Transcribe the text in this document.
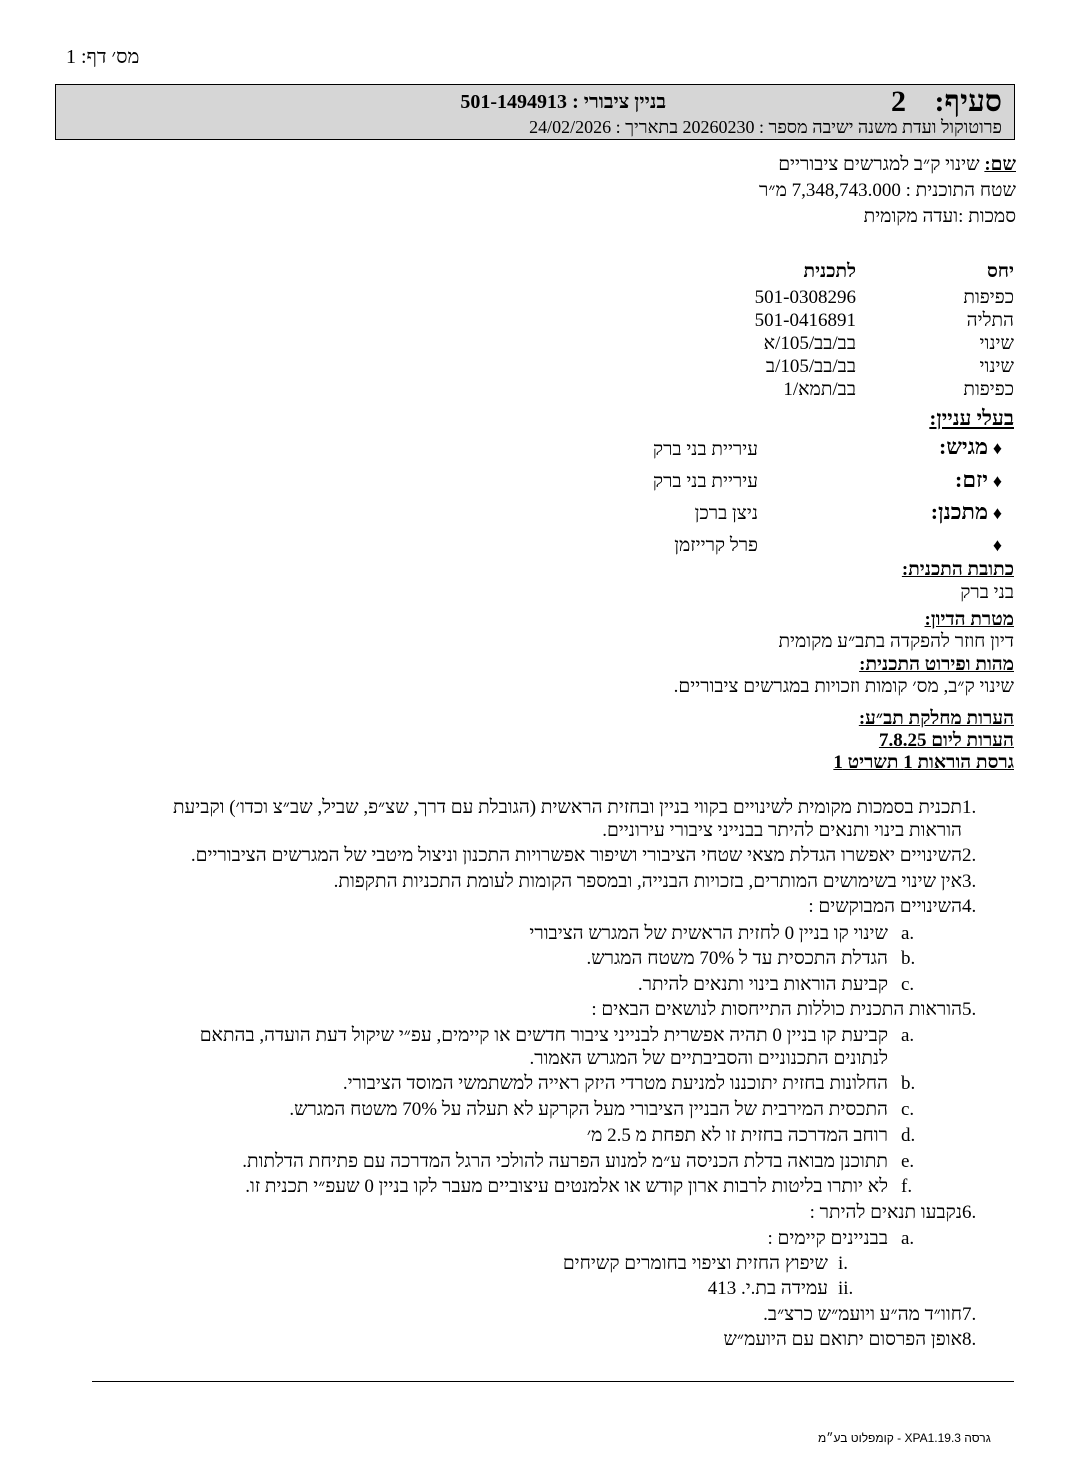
מס׳ דף: 1
סעיף:
2
בניין ציבורי : 501-1494913
פרוטוקול ועדת משנה ישיבה מספר : 20260230 בתאריך : 24/02/2026
שם: שינוי ק״ב למגרשים ציבוריים
שטח התוכנית : 7,348,743.000 מ״ר
סמכות :ועדה מקומית
יחס
לתכנית
כפיפות
501-0308296
התליה
501-0416891
שינוי
בב/בב/105/א
שינוי
בב/בב/105/ב
כפיפות
בב/תמא/1
בעלי עניין:
♦
מגיש:
עיריית בני ברק
♦
יזם:
עיריית בני ברק
♦
מתכנן:
ניצן ברכן
♦
פרל קרייזמן
כתובת התכנית:
בני ברק
מטרת הדיון:
דיון חוזר להפקדה בתב״ע מקומית
מהות ופירוט התכנית:
שינוי ק״ב, מס׳ קומות וזכויות במגרשים ציבוריים.
הערות מחלקת תב״ע:
הערות ליום 7.8.25
גרסת הוראות 1 תשריט 1
1.
תכנית בסמכות מקומית לשינויים בקווי בניין ובחזית הראשית (הגובלת עם דרך, שצ״פ, שביל, שב״צ וכדו׳) וקביעת
הוראות בינוי ותנאים להיתר בבנייני ציבורי עירוניים.
2.
השינויים יאפשרו הגדלת מצאי שטחי הציבורי ושיפור אפשרויות התכנון וניצול מיטבי של המגרשים הציבוריים.
3.
אין שינוי בשימושים המותרים, בזכויות הבנייה, ובמספר הקומות לעומת התכניות התקפות.
4.
השינויים המבוקשים :
a.
שינוי קו בניין 0 לחזית הראשית של המגרש הציבורי
b.
הגדלת התכסית עד ל 70% משטח המגרש.
c.
קביעת הוראות בינוי ותנאים להיתר.
5.
הוראות התכנית כוללות התייחסות לנושאים הבאים :
a.
קביעת קו בניין 0 תהיה אפשרית לבנייני ציבור חדשים או קיימים, עפ״י שיקול דעת הועדה, בהתאם
לנתונים התכנוניים והסביבתיים של המגרש האמור.
b.
החלונות בחזית יתוכננו למניעת מטרדי היזק ראייה למשתמשי המוסד הציבורי.
c.
התכסית המירבית של הבניין הציבורי מעל הקרקע לא תעלה על 70% משטח המגרש.
d.
רוחב המדרכה בחזית זו לא תפחת מ 2.5 מ׳
e.
תתוכנן מבואה בדלת הכניסה ע״מ למנוע הפרעה להולכי הרגל המדרכה עם פתיחת הדלתות.
f.
לא יותרו בליטות לרבות ארון קודש או אלמנטים עיצוביים מעבר לקו בניין 0 שעפ״י תכנית זו.
6.
נקבעו תנאים להיתר :
a.
בבניינים קיימים :
i.
שיפוץ החזית וציפוי בחומרים קשיחים
ii.
עמידה בת.י. 413
7.
חוו״ד מה״ע ויועמ״ש כרצ״ב.
8.
אופן הפרסום יתואם עם היועמ״ש
גרסה XPA1.19.3 - קומפלוט בע״מ
